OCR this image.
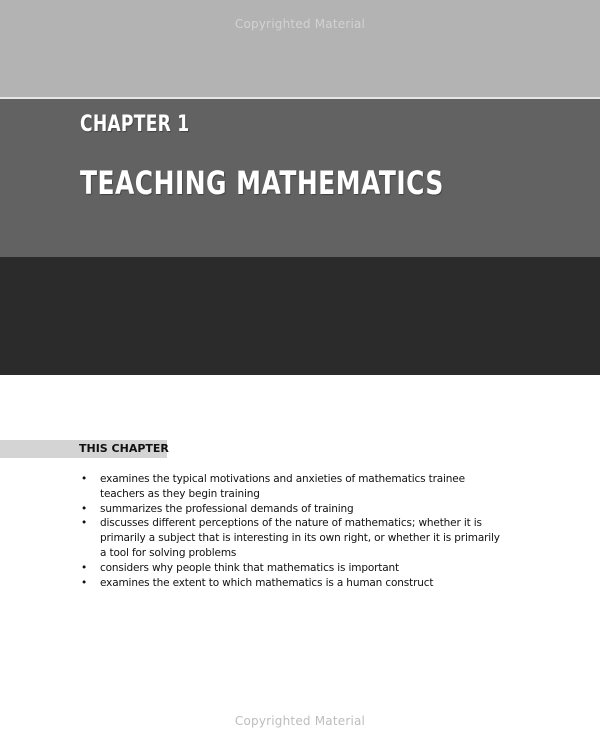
Copyrighted Material
CHAPTER 1
TEACHING MATHEMATICS
THIS CHAPTER
• examines the typical motivations and anxieties of mathematics trainee teachers as they begin training
• summarizes the professional demands of training
• discusses different perceptions of the nature of mathematics; whether it is primarily a subject that is interesting in its own right, or whether it is primarily a tool for solving problems
• considers why people think that mathematics is important
• examines the extent to which mathematics is a human construct
Copyrighted Material
